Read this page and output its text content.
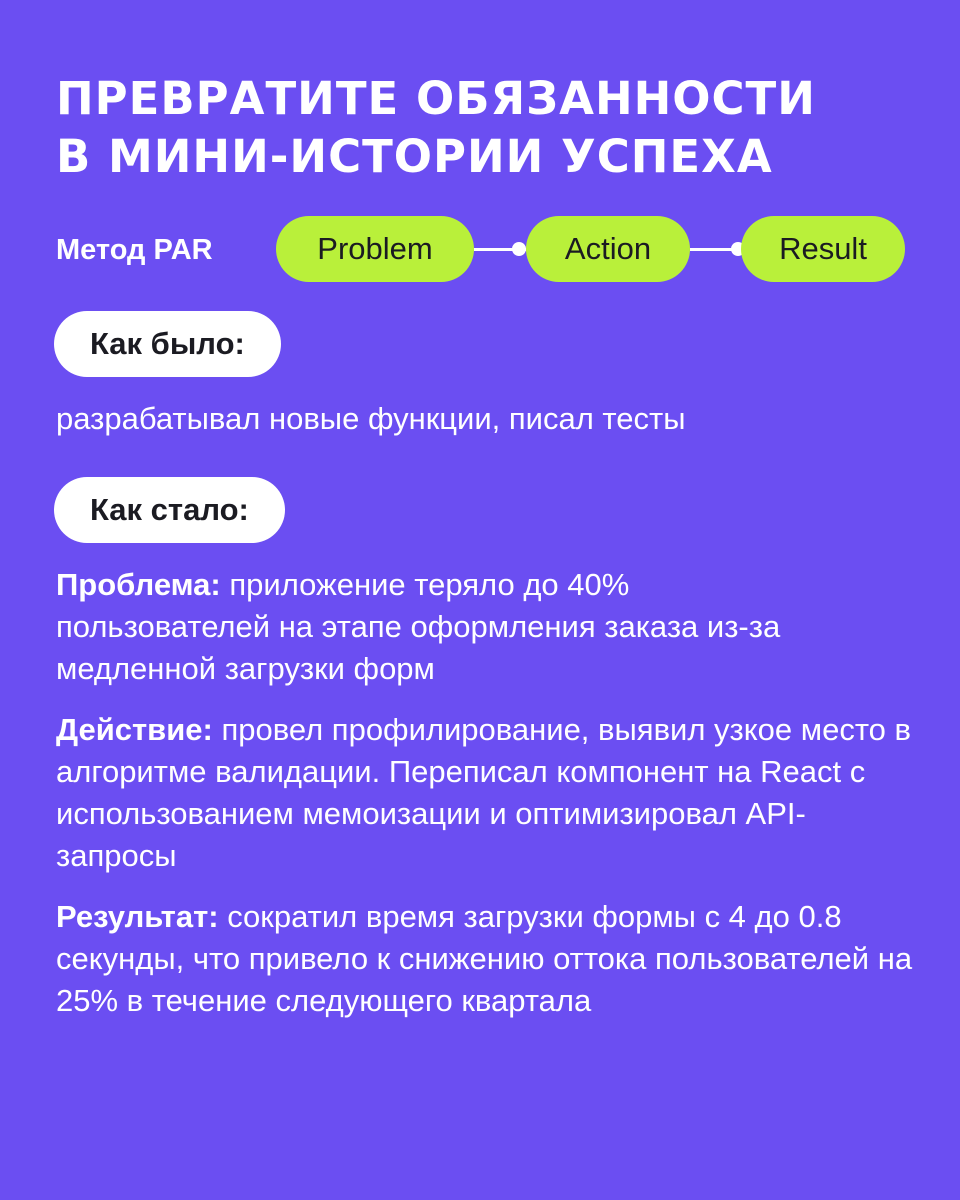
ПРЕВРАТИТЕ ОБЯЗАННОСТИ
В МИНИ-ИСТОРИИ УСПЕХА
Метод PAR	Problem	Action	Result
Как было:

разрабатывал новые функции, писал тесты

Как стало:

Проблема: приложение теряло до 40% пользователей на этапе оформления заказа из-за медленной загрузки форм

Действие: провел профилирование, выявил узкое место в алгоритме валидации. Переписал компонент на React с использованием мемоизации и оптимизировал API-запросы

Результат: сократил время загрузки формы с 4 до 0.8 секунды, что привело к снижению оттока пользователей на 25% в течение следующего квартала
